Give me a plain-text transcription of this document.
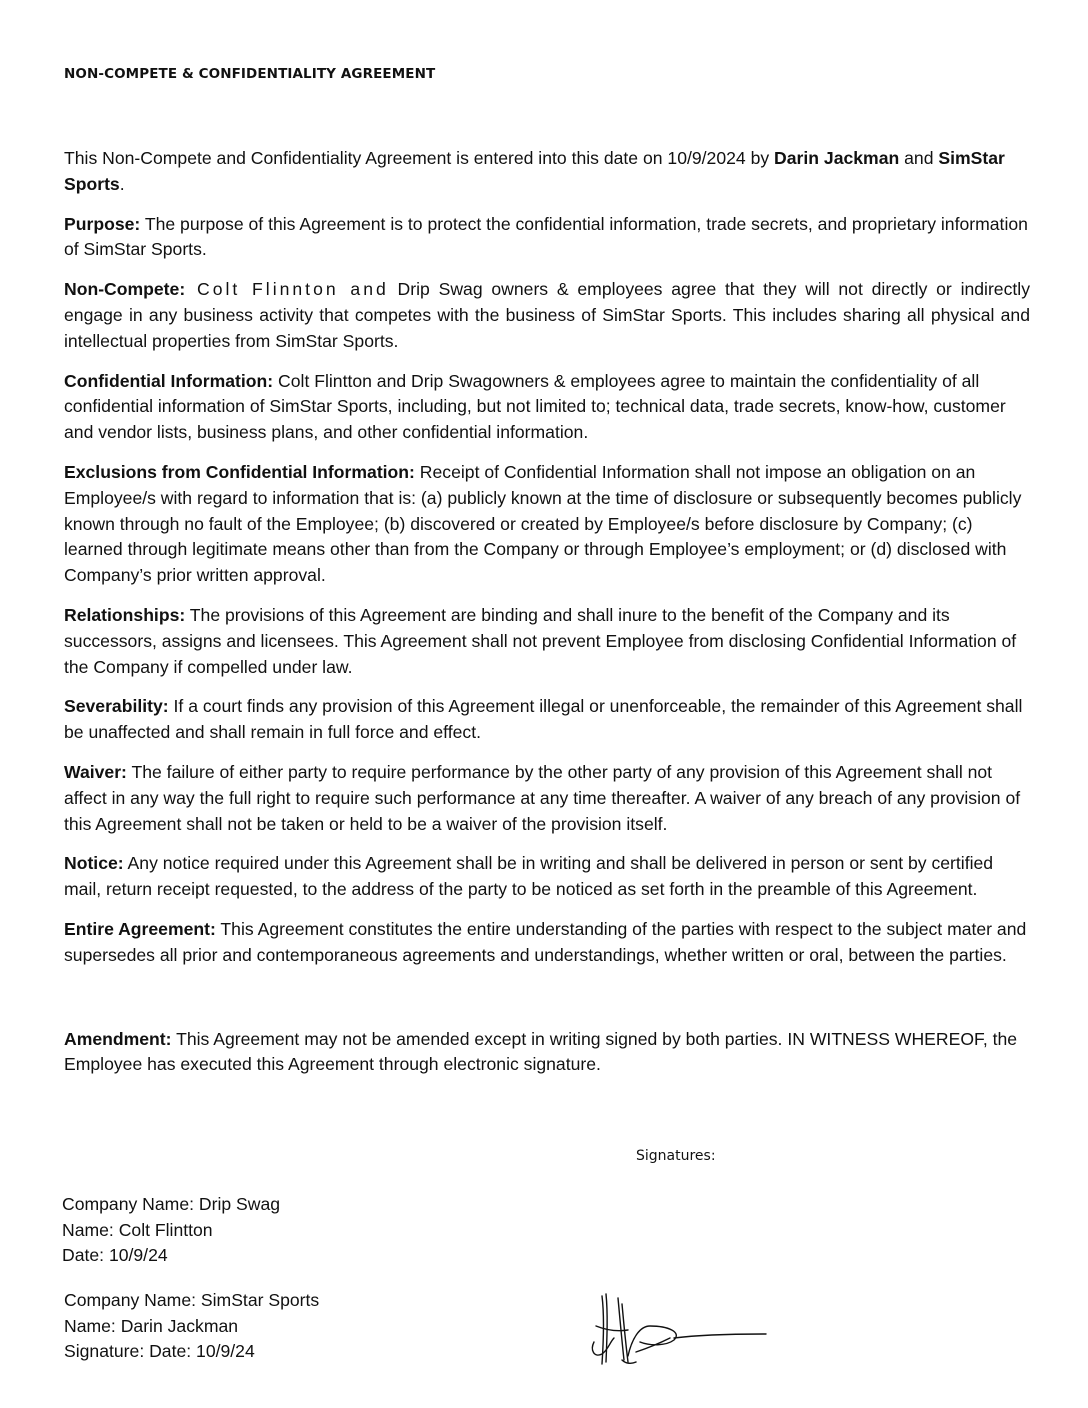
NON-COMPETE & CONFIDENTIALITY AGREEMENT

This Non-Compete and Confidentiality Agreement is entered into this date on 10/9/2024 by Darin Jackman and SimStar Sports.

Purpose: The purpose of this Agreement is to protect the confidential information, trade secrets, and proprietary information of SimStar Sports.

Non-Compete: Colt Flinnton and Drip Swag owners & employees agree that they will not directly or indirectly engage in any business activity that competes with the business of SimStar Sports. This includes sharing all physical and intellectual properties from SimStar Sports.

Confidential Information: Colt Flintton and Drip Swagowners & employees agree to maintain the confidentiality of all confidential information of SimStar Sports, including, but not limited to; technical data, trade secrets, know-how, customer and vendor lists, business plans, and other confidential information.

Exclusions from Confidential Information: Receipt of Confidential Information shall not impose an obligation on an Employee/s with regard to information that is: (a) publicly known at the time of disclosure or subsequently becomes publicly known through no fault of the Employee; (b) discovered or created by Employee/s before disclosure by Company; (c) learned through legitimate means other than from the Company or through Employee’s employment; or (d) disclosed with Company’s prior written approval.

Relationships: The provisions of this Agreement are binding and shall inure to the benefit of the Company and its successors, assigns and licensees. This Agreement shall not prevent Employee from disclosing Confidential Information of the Company if compelled under law.

Severability: If a court finds any provision of this Agreement illegal or unenforceable, the remainder of this Agreement shall be unaffected and shall remain in full force and effect.

Waiver: The failure of either party to require performance by the other party of any provision of this Agreement shall not affect in any way the full right to require such performance at any time thereafter. A waiver of any breach of any provision of this Agreement shall not be taken or held to be a waiver of the provision itself.

Notice: Any notice required under this Agreement shall be in writing and shall be delivered in person or sent by certified mail, return receipt requested, to the address of the party to be noticed as set forth in the preamble of this Agreement.

Entire Agreement: This Agreement constitutes the entire understanding of the parties with respect to the subject mater and supersedes all prior and contemporaneous agreements and understandings, whether written or oral, between the parties.

Amendment: This Agreement may not be amended except in writing signed by both parties. IN WITNESS WHEREOF, the Employee has executed this Agreement through electronic signature.

Signatures:
Company Name: Drip Swag
Name: Colt Flintton
Date: 10/9/24
Company Name: SimStar Sports
Name: Darin Jackman
Signature: Date: 10/9/24
